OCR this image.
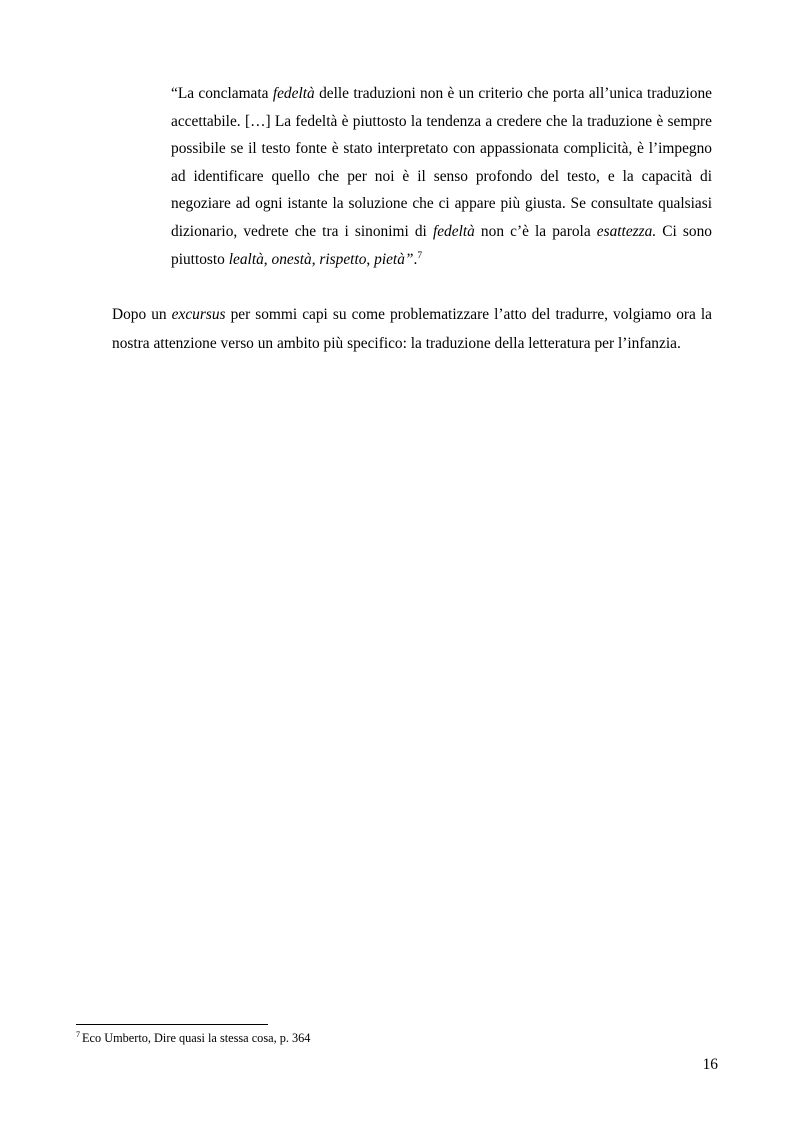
“La conclamata fedeltà delle traduzioni non è un criterio che porta all’unica traduzione accettabile. […] La fedeltà è piuttosto la tendenza a credere che la traduzione è sempre possibile se il testo fonte è stato interpretato con appassionata complicità, è l’impegno ad identificare quello che per noi è il senso profondo del testo, e la capacità di negoziare ad ogni istante la soluzione che ci appare più giusta. Se consultate qualsiasi dizionario, vedrete che tra i sinonimi di fedeltà non c’è la parola esattezza. Ci sono piuttosto lealtà, onestà, rispetto, pietà”.$^7$

Dopo un excursus per sommi capi su come problematizzare l’atto del tradurre, volgiamo ora la nostra attenzione verso un ambito più specifico: la traduzione della letteratura per l’infanzia.

$^7$ Eco Umberto, Dire quasi la stessa cosa, p. 364

16
